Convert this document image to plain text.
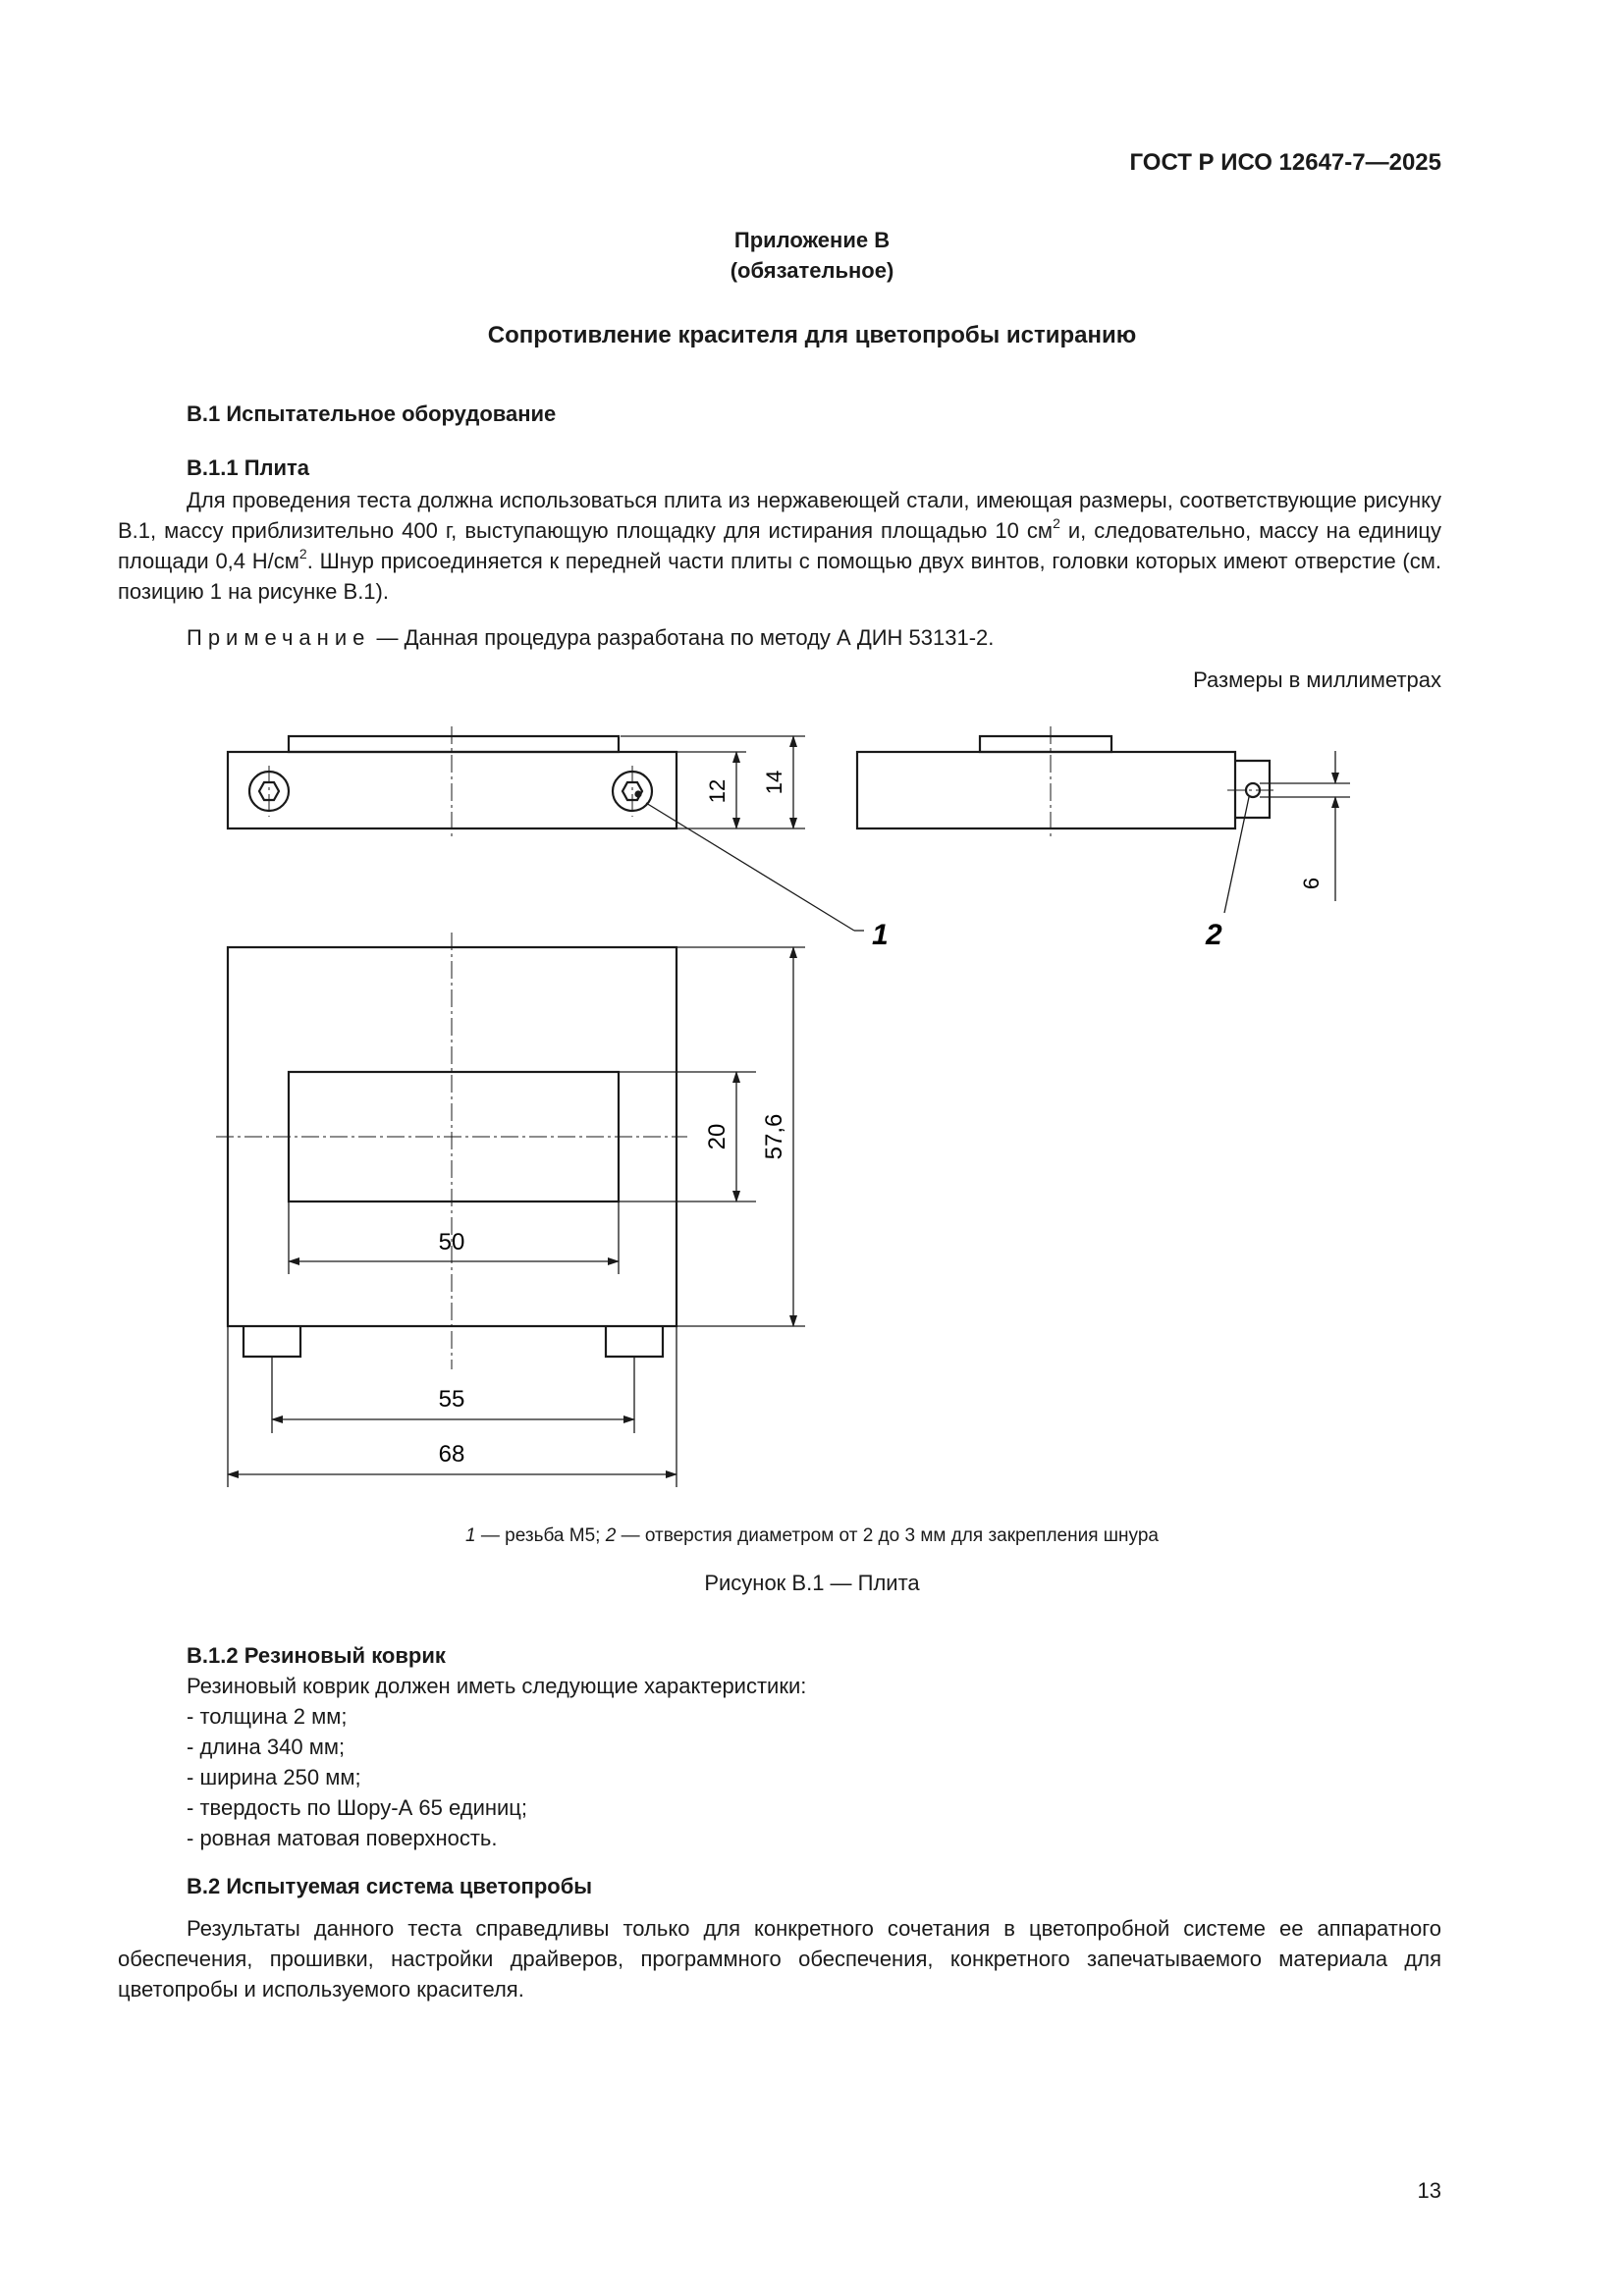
ГОСТ Р ИСО 12647-7—2025
Приложение В
(обязательное)
Сопротивление красителя для цветопробы истиранию
В.1 Испытательное оборудование
В.1.1 Плита
Для проведения теста должна использоваться плита из нержавеющей стали, имеющая размеры, соответствующие рисунку В.1, массу приблизительно 400 г, выступающую площадку для истирания площадью 10 $см^2$ и, следовательно, массу на единицу площади 0,4 $Н/см^2$. Шнур присоединяется к передней части плиты с помощью двух винтов, головки которых имеют отверстие (см. позицию 1 на рисунке В.1).
Примечание — Данная процедура разработана по методу А ДИН 53131-2.
Размеры в миллиметрах
12 14
1
6
2
20 57,6
50
55
68
1 — резьба М5; 2 — отверстия диаметром от 2 до 3 мм для закрепления шнура
Рисунок В.1 — Плита
В.1.2 Резиновый коврик
Резиновый коврик должен иметь следующие характеристики:
- толщина 2 мм;
- длина 340 мм;
- ширина 250 мм;
- твердость по Шору-А 65 единиц;
- ровная матовая поверхность.
В.2 Испытуемая система цветопробы
Результаты данного теста справедливы только для конкретного сочетания в цветопробной системе ее аппаратного обеспечения, прошивки, настройки драйверов, программного обеспечения, конкретного запечатываемого материала для цветопробы и используемого красителя.
13
